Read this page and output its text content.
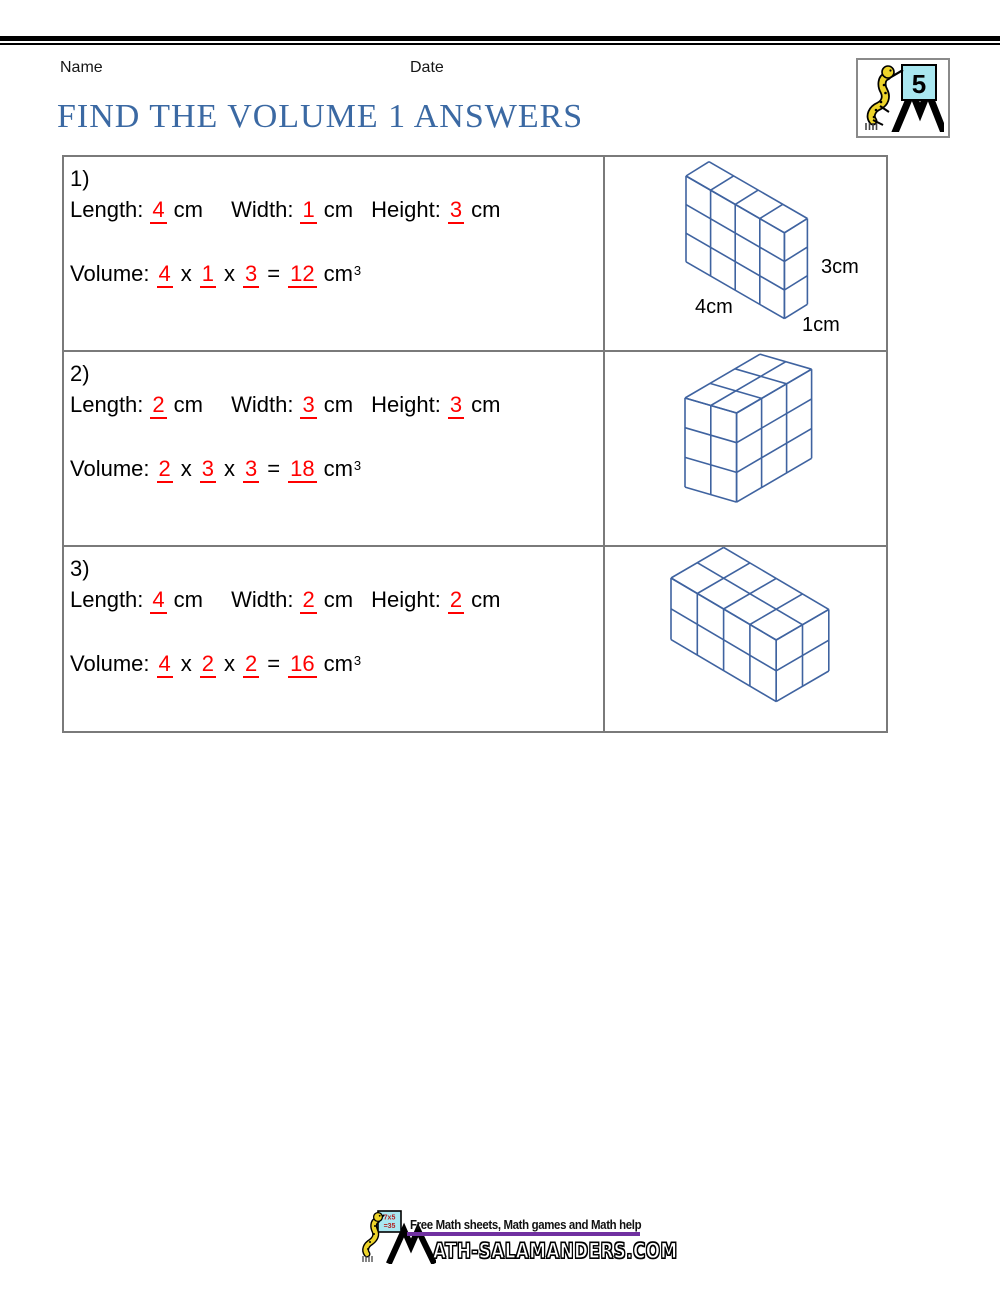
Name	Date
5
FIND THE VOLUME 1 ANSWERS
1)
Length: 4 cm Width: 1 cm Height: 3 cm
Volume: 4 x 1 x 3 = 12 $cm^3$	3cm
4cm
1cm
2)
Length: 2 cm Width: 3 cm Height: 3 cm
Volume: 2 x 3 x 3 = 18 $cm^3$
3)
Length: 4 cm Width: 2 cm Height: 2 cm
Volume: 4 x 2 x 2 = 16 $cm^3$
7x5
=35 Free Math sheets, Math games and Math help
ATH-SALAMANDERS.COM
